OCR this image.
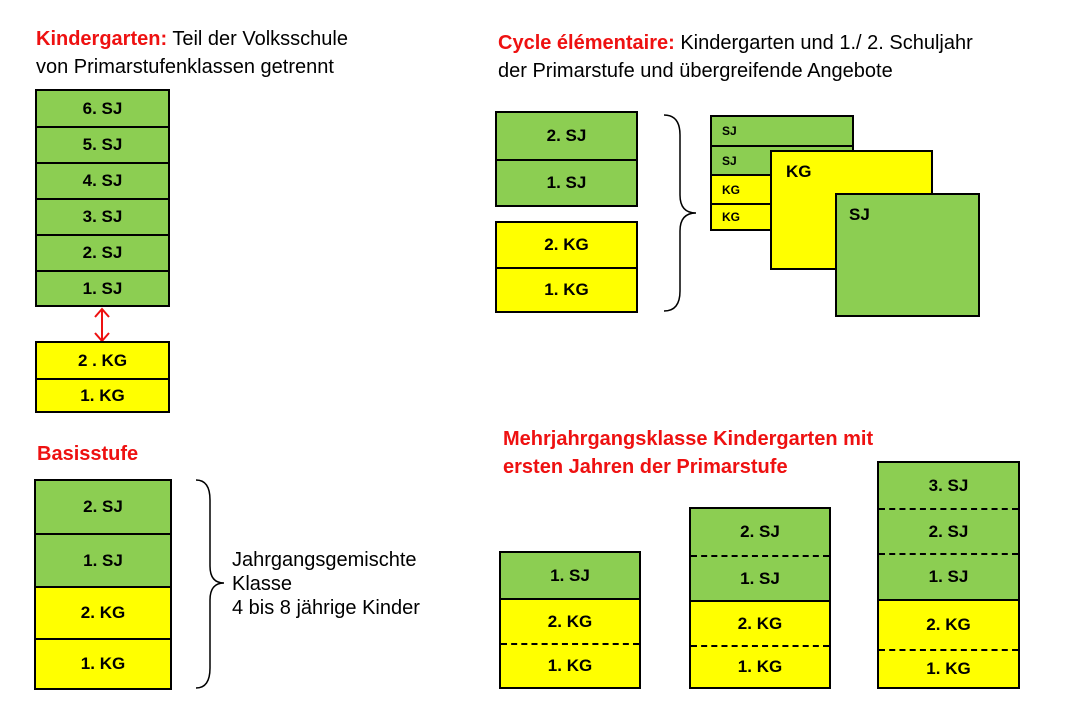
Kindergarten: Teil der Volksschule
von Primarstufenklassen getrennt
6. SJ
5. SJ
4. SJ
3. SJ
2. SJ
1. SJ
2 . KG
1. KG
Cycle élémentaire: Kindergarten und 1./ 2. Schuljahr
der Primarstufe und übergreifende Angebote
2. SJ
1. SJ
2. KG
1. KG
SJ
SJ
KG
KG
KG
SJ
Basisstufe
2. SJ
1. SJ
2. KG
1. KG
Jahrgangsgemischte
Klasse
4 bis 8 jährige Kinder
Mehrjahrgangsklasse Kindergarten mit
ersten Jahren der Primarstufe
1. SJ
2. KG
1. KG
2. SJ
1. SJ
2. KG
1. KG
3. SJ
2. SJ
1. SJ
2. KG
1. KG
